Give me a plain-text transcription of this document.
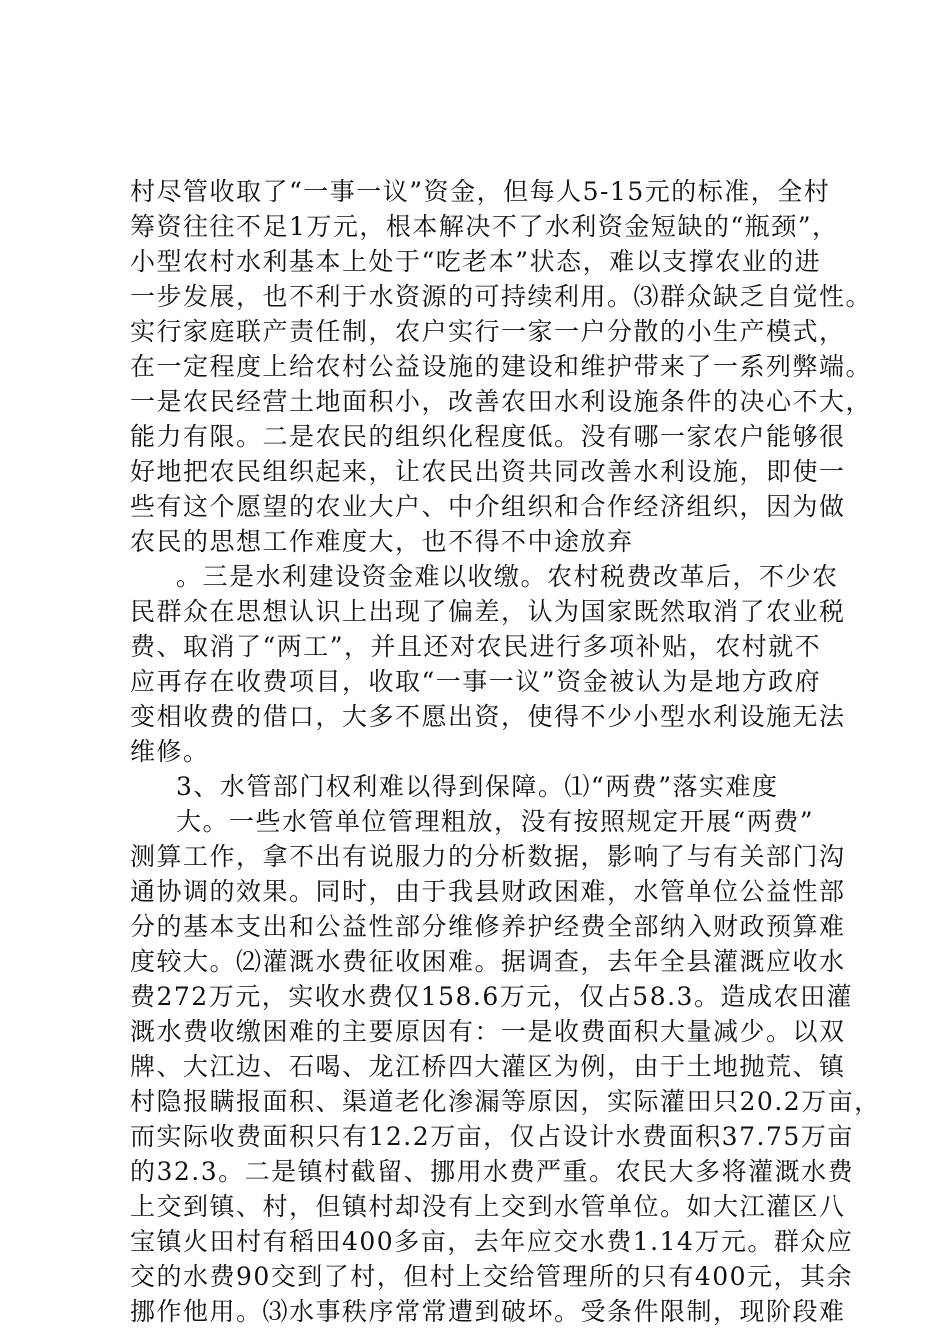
村尽管收取了“一事一议”资金，但每人5-15元的标准，全村
筹资往往不足1万元，根本解决不了水利资金短缺的“瓶颈”，
小型农村水利基本上处于“吃老本”状态，难以支撑农业的进
一步发展，也不利于水资源的可持续利用。⑶群众缺乏自觉性。
实行家庭联产责任制，农户实行一家一户分散的小生产模式，
在一定程度上给农村公益设施的建设和维护带来了一系列弊端。
一是农民经营土地面积小，改善农田水利设施条件的决心不大，
能力有限。二是农民的组织化程度低。没有哪一家农户能够很
好地把农民组织起来，让农民出资共同改善水利设施，即使一
些有这个愿望的农业大户、中介组织和合作经济组织，因为做
农民的思想工作难度大，也不得不中途放弃
。三是水利建设资金难以收缴。农村税费改革后，不少农
民群众在思想认识上出现了偏差，认为国家既然取消了农业税
费、取消了“两工”，并且还对农民进行多项补贴，农村就不
应再存在收费项目，收取“一事一议”资金被认为是地方政府
变相收费的借口，大多不愿出资，使得不少小型水利设施无法
维修。
3、水管部门权利难以得到保障。⑴“两费”落实难度
大。一些水管单位管理粗放，没有按照规定开展“两费”
测算工作，拿不出有说服力的分析数据，影响了与有关部门沟
通协调的效果。同时，由于我县财政困难，水管单位公益性部
分的基本支出和公益性部分维修养护经费全部纳入财政预算难
度较大。⑵灌溉水费征收困难。据调查，去年全县灌溉应收水
费272万元，实收水费仅158.6万元，仅占58.3。造成农田灌
溉水费收缴困难的主要原因有：一是收费面积大量减少。以双
牌、大江边、石喝、龙江桥四大灌区为例，由于土地抛荒、镇
村隐报瞒报面积、渠道老化渗漏等原因，实际灌田只20.2万亩，
而实际收费面积只有12.2万亩，仅占设计水费面积37.75万亩
的32.3。二是镇村截留、挪用水费严重。农民大多将灌溉水费
上交到镇、村，但镇村却没有上交到水管单位。如大江灌区八
宝镇火田村有稻田400多亩，去年应交水费1.14万元。群众应
交的水费90交到了村，但村上交给管理所的只有400元，其余
挪作他用。⑶水事秩序常常遭到破坏。受条件限制，现阶段难
